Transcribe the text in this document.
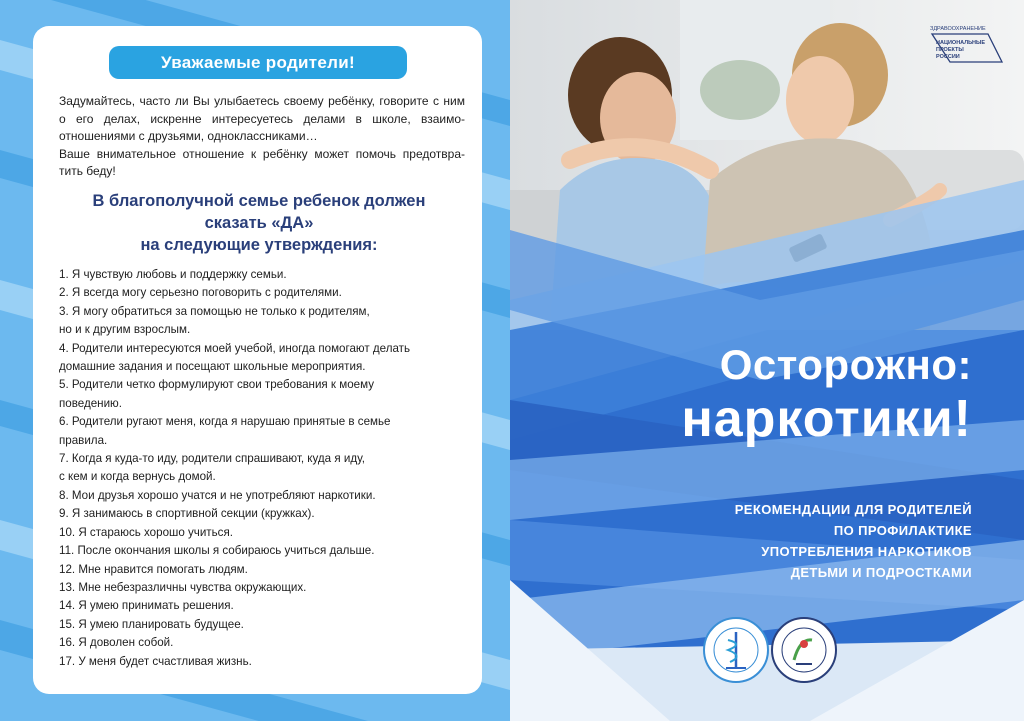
Уважаемые родители!

Задумайтесь, часто ли Вы улыбаетесь своему ребёнку, говорите с ним о его делах, искренне интересуетесь делами в школе, взаимо-отношениями с друзьями, одноклассниками…

Ваше внимательное отношение к ребёнку может помочь предотвра-тить беду!

В благополучной семье ребенок должен
сказать «ДА»
на следующие утверждения:
1. Я чувствую любовь и поддержку семьи.
2. Я всегда могу серьезно поговорить с родителями.
3. Я могу обратиться за помощью не только к родителям,
но и к другим взрослым.
4. Родители интересуются моей учебой, иногда помогают делать
домашние задания и посещают школьные мероприятия.
5. Родители четко формулируют свои требования к моему
поведению.
6. Родители ругают меня, когда я нарушаю принятые в семье
правила.
7. Когда я куда-то иду, родители спрашивают, куда я иду,
с кем и когда вернусь домой.
8. Мои друзья хорошо учатся и не употребляют наркотики.
9. Я занимаюсь в спортивной секции (кружках).
10. Я стараюсь хорошо учиться.
11. После окончания школы я собираюсь учиться дальше.
12. Мне нравится помогать людям.
13. Мне небезразличны чувства окружающих.
14. Я умею принимать решения.
15. Я умею планировать будущее.
16. Я доволен собой.
17. У меня будет счастливая жизнь.
ЗДРАВООХРАНЕНИЕ
НАЦИОНАЛЬНЫЕ
ПРОЕКТЫ
РОССИИ
Осторожно:
наркотики!

РЕКОМЕНДАЦИИ ДЛЯ РОДИТЕЛЕЙ

ПО ПРОФИЛАКТИКЕ

УПОТРЕБЛЕНИЯ НАРКОТИКОВ

ДЕТЬМИ И ПОДРОСТКАМИ
